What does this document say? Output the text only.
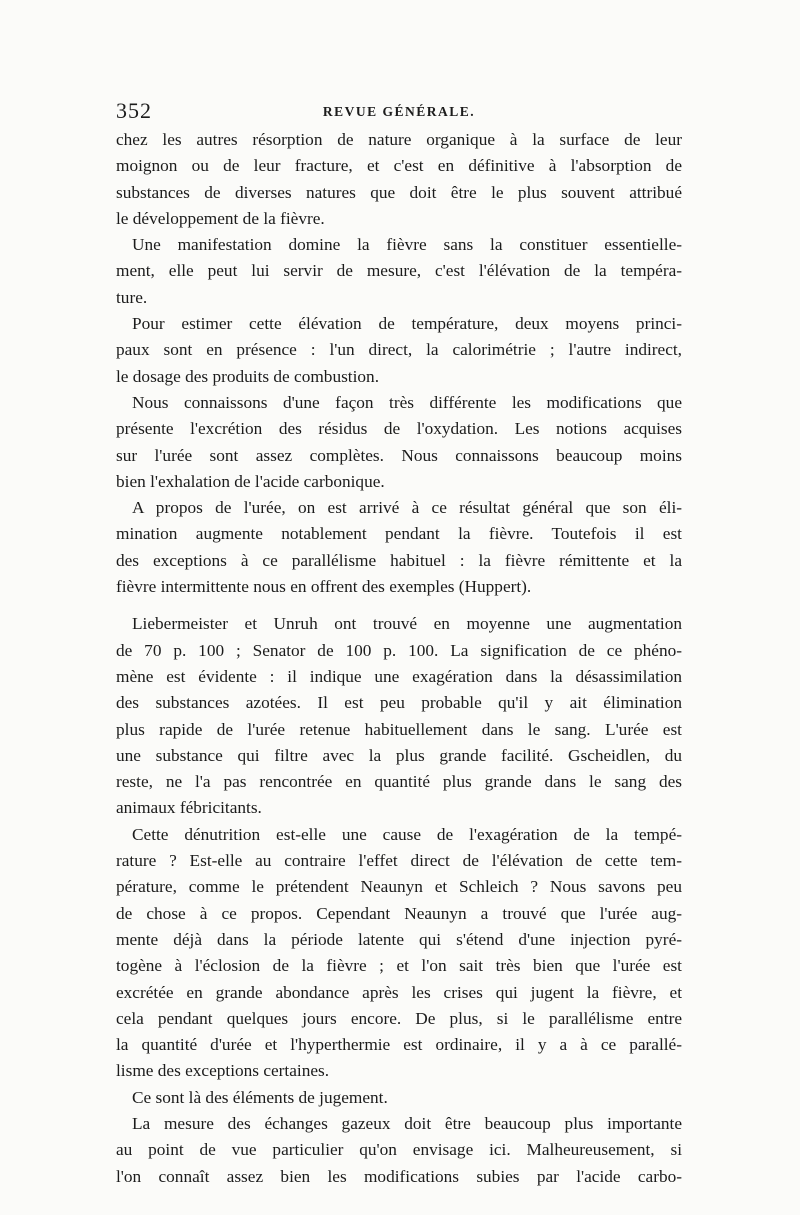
352	REVUE GÉNÉRALE.
chez les autres résorption de nature organique à la surface de leur
moignon ou de leur fracture, et c'est en définitive à l'absorption de
substances de diverses natures que doit être le plus souvent attribué
le développement de la fièvre.
Une manifestation domine la fièvre sans la constituer essentielle-
ment, elle peut lui servir de mesure, c'est l'élévation de la tempéra-
ture.
Pour estimer cette élévation de température, deux moyens princi-
paux sont en présence : l'un direct, la calorimétrie ; l'autre indirect,
le dosage des produits de combustion.
Nous connaissons d'une façon très différente les modifications que
présente l'excrétion des résidus de l'oxydation. Les notions acquises
sur l'urée sont assez complètes. Nous connaissons beaucoup moins
bien l'exhalation de l'acide carbonique.
A propos de l'urée, on est arrivé à ce résultat général que son éli-
mination augmente notablement pendant la fièvre. Toutefois il est
des exceptions à ce parallélisme habituel : la fièvre rémittente et la
fièvre intermittente nous en offrent des exemples (Huppert).
Liebermeister et Unruh ont trouvé en moyenne une augmentation
de 70 p. 100 ; Senator de 100 p. 100. La signification de ce phéno-
mène est évidente : il indique une exagération dans la désassimilation
des substances azotées. Il est peu probable qu'il y ait élimination
plus rapide de l'urée retenue habituellement dans le sang. L'urée est
une substance qui filtre avec la plus grande facilité. Gscheidlen, du
reste, ne l'a pas rencontrée en quantité plus grande dans le sang des
animaux fébricitants.
Cette dénutrition est-elle une cause de l'exagération de la tempé-
rature ? Est-elle au contraire l'effet direct de l'élévation de cette tem-
pérature, comme le prétendent Neaunyn et Schleich ? Nous savons peu
de chose à ce propos. Cependant Neaunyn a trouvé que l'urée aug-
mente déjà dans la période latente qui s'étend d'une injection pyré-
togène à l'éclosion de la fièvre ; et l'on sait très bien que l'urée est
excrétée en grande abondance après les crises qui jugent la fièvre, et
cela pendant quelques jours encore. De plus, si le parallélisme entre
la quantité d'urée et l'hyperthermie est ordinaire, il y a à ce parallé-
lisme des exceptions certaines.
Ce sont là des éléments de jugement.
La mesure des échanges gazeux doit être beaucoup plus importante
au point de vue particulier qu'on envisage ici. Malheureusement, si
l'on connaît assez bien les modifications subies par l'acide carbo-
